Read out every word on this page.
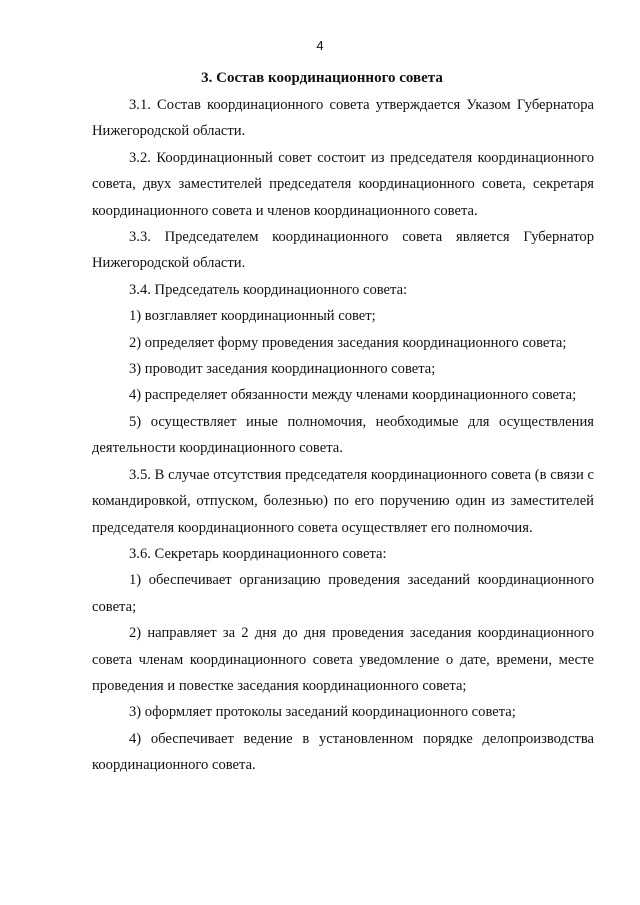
4
3. Состав координационного совета

3.1. Состав координационного совета утверждается Указом Губернатора Нижегородской области.

3.2. Координационный совет состоит из председателя координационного совета, двух заместителей председателя координационного совета, секретаря координационного совета и членов координационного совета.

3.3. Председателем координационного совета является Губернатор Нижегородской области.

3.4. Председатель координационного совета:

1) возглавляет координационный совет;

2) определяет форму проведения заседания координационного совета;

3) проводит заседания координационного совета;

4) распределяет обязанности между членами координационного совета;

5) осуществляет иные полномочия, необходимые для осуществления деятельности координационного совета.

3.5. В случае отсутствия председателя координационного совета (в связи с командировкой, отпуском, болезнью) по его поручению один из заместителей председателя координационного совета осуществляет его полномочия.

3.6. Секретарь координационного совета:

1) обеспечивает организацию проведения заседаний координационного совета;

2) направляет за 2 дня до дня проведения заседания координационного совета членам координационного совета уведомление о дате, времени, месте проведения и повестке заседания координационного совета;

3) оформляет протоколы заседаний координационного совета;

4) обеспечивает ведение в установленном порядке делопроизводства координационного совета.
